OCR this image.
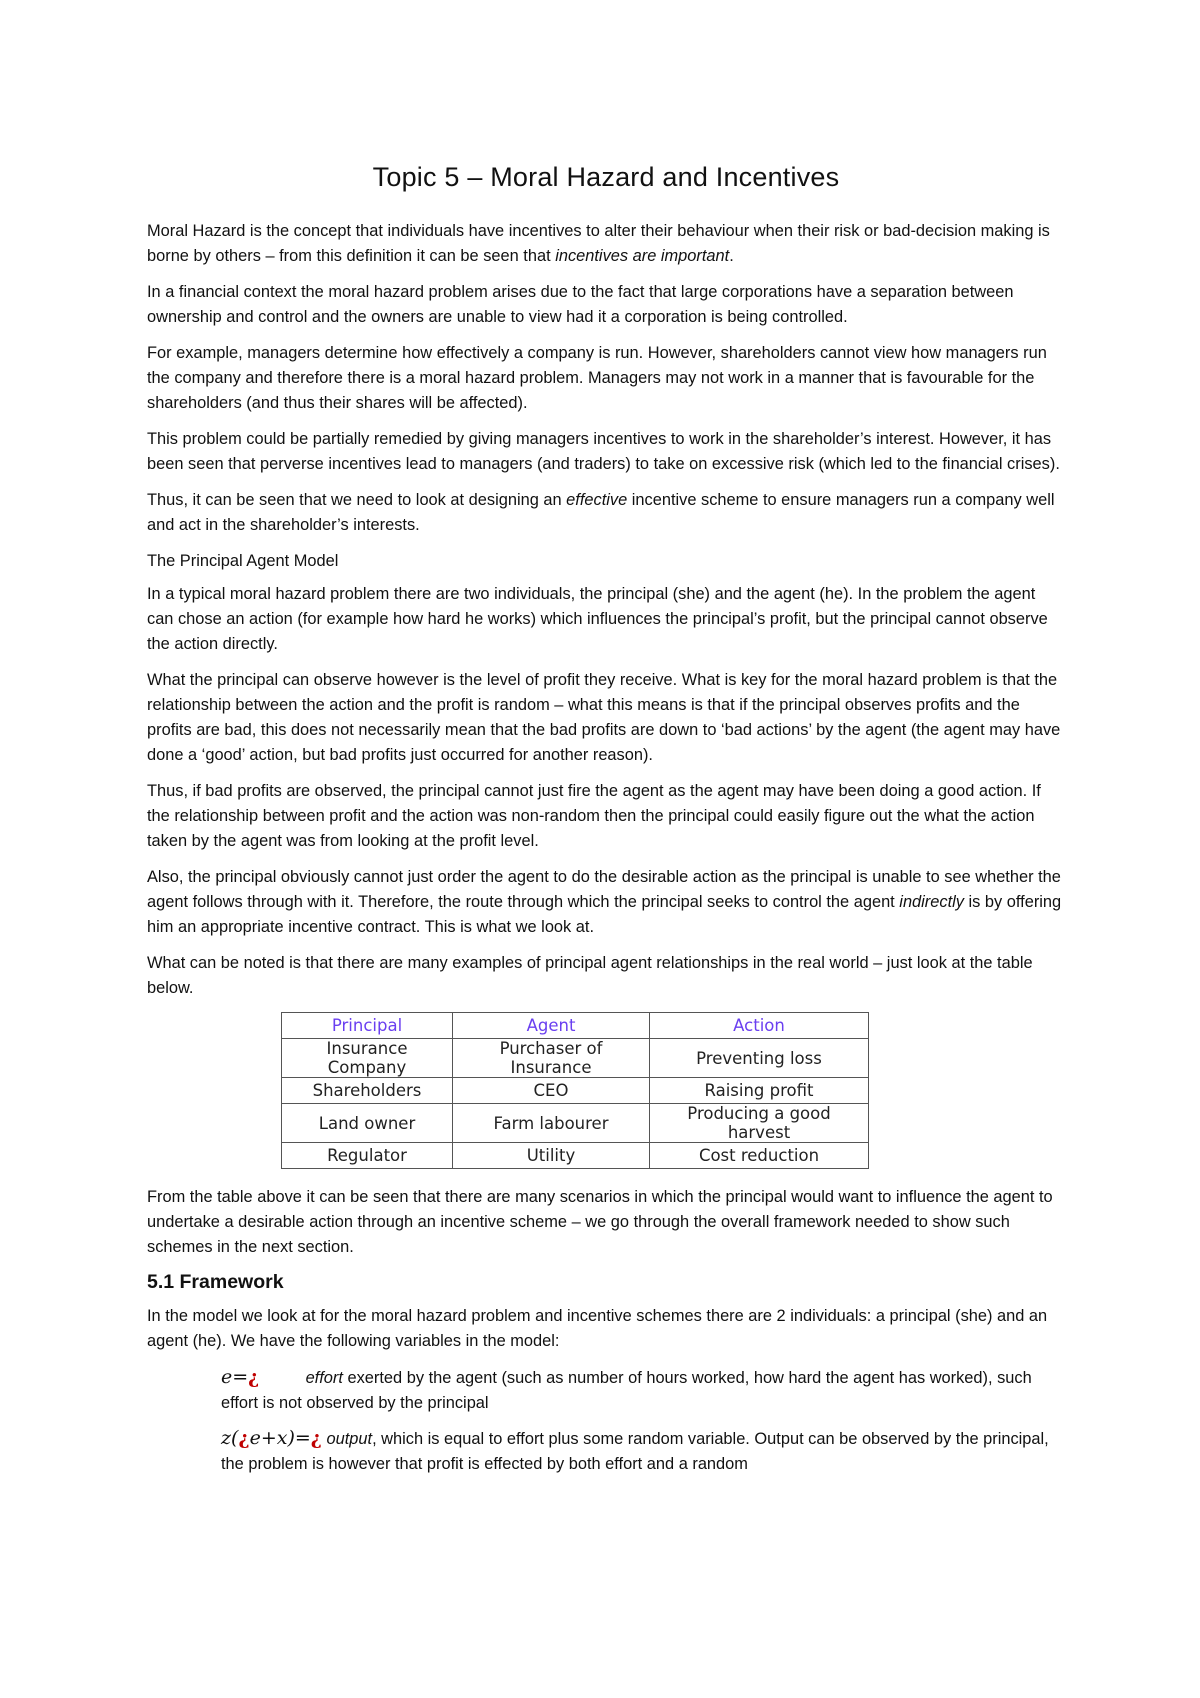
Topic 5 – Moral Hazard and Incentives

Moral Hazard is the concept that individuals have incentives to alter their behaviour when their risk or bad-decision making is borne by others – from this definition it can be seen that incentives are important.

In a financial context the moral hazard problem arises due to the fact that large corporations have a separation between ownership and control and the owners are unable to view had it a corporation is being controlled.

For example, managers determine how effectively a company is run. However, shareholders cannot view how managers run the company and therefore there is a moral hazard problem. Managers may not work in a manner that is favourable for the shareholders (and thus their shares will be affected).

This problem could be partially remedied by giving managers incentives to work in the shareholder’s interest. However, it has been seen that perverse incentives lead to managers (and traders) to take on excessive risk (which led to the financial crises).

Thus, it can be seen that we need to look at designing an effective incentive scheme to ensure managers run a company well and act in the shareholder’s interests.

The Principal Agent Model

In a typical moral hazard problem there are two individuals, the principal (she) and the agent (he). In the problem the agent can chose an action (for example how hard he works) which influences the principal’s profit, but the principal cannot observe the action directly.

What the principal can observe however is the level of profit they receive. What is key for the moral hazard problem is that the relationship between the action and the profit is random – what this means is that if the principal observes profits and the profits are bad, this does not necessarily mean that the bad profits are down to ‘bad actions’ by the agent (the agent may have done a ‘good’ action, but bad profits just occurred for another reason).

Thus, if bad profits are observed, the principal cannot just fire the agent as the agent may have been doing a good action. If the relationship between profit and the action was non-random then the principal could easily figure out the what the action taken by the agent was from looking at the profit level.

Also, the principal obviously cannot just order the agent to do the desirable action as the principal is unable to see whether the agent follows through with it. Therefore, the route through which the principal seeks to control the agent indirectly is by offering him an appropriate incentive contract. This is what we look at.

What can be noted is that there are many examples of principal agent relationships in the real world – just look at the table below.

Principal	Agent	Action
Insurance Company	Purchaser of Insurance	Preventing loss
Shareholders	CEO	Raising profit
Land owner	Farm labourer	Producing a good harvest
Regulator	Utility	Cost reduction

From the table above it can be seen that there are many scenarios in which the principal would want to influence the agent to undertake a desirable action through an incentive scheme – we go through the overall framework needed to show such schemes in the next section.

5.1 Framework

In the model we look at for the moral hazard problem and incentive schemes there are 2 individuals: a principal (she) and an agent (he). We have the following variables in the model:

e=¿	effort exerted by the agent (such as number of hours worked, how hard the agent has worked), such effort is not observed by the principal

z(¿e+x)=¿ output, which is equal to effort plus some random variable. Output can be observed by the principal, the problem is however that profit is effected by both effort and a random
